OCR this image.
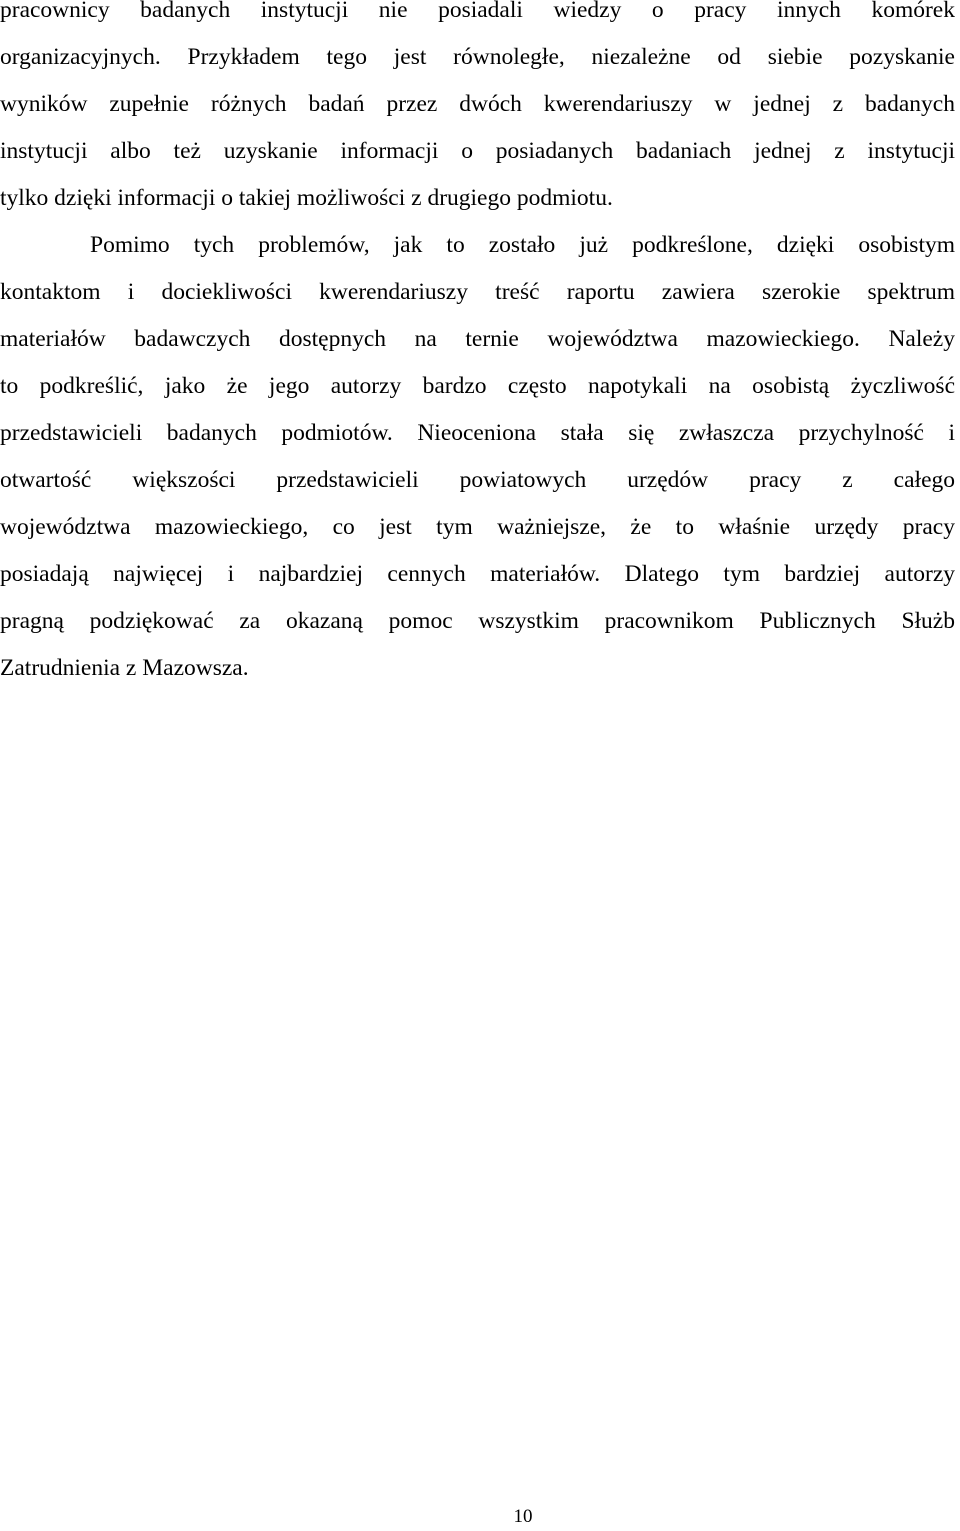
pracownicy badanych instytucji nie posiadali wiedzy o pracy innych komórek
organizacyjnych. Przykładem tego jest równoległe, niezależne od siebie pozyskanie
wyników zupełnie różnych badań przez dwóch kwerendariuszy w jednej z badanych
instytucji albo też uzyskanie informacji o posiadanych badaniach jednej z instytucji
tylko dzięki informacji o takiej możliwości z drugiego podmiotu.
Pomimo tych problemów, jak to zostało już podkreślone, dzięki osobistym
kontaktom i dociekliwości kwerendariuszy treść raportu zawiera szerokie spektrum
materiałów badawczych dostępnych na ternie województwa mazowieckiego. Należy
to podkreślić, jako że jego autorzy bardzo często napotykali na osobistą życzliwość
przedstawicieli badanych podmiotów. Nieoceniona stała się zwłaszcza przychylność i
otwartość większości przedstawicieli powiatowych urzędów pracy z całego
województwa mazowieckiego, co jest tym ważniejsze, że to właśnie urzędy pracy
posiadają najwięcej i najbardziej cennych materiałów. Dlatego tym bardziej autorzy
pragną podziękować za okazaną pomoc wszystkim pracownikom Publicznych Służb
Zatrudnienia z Mazowsza.
10
